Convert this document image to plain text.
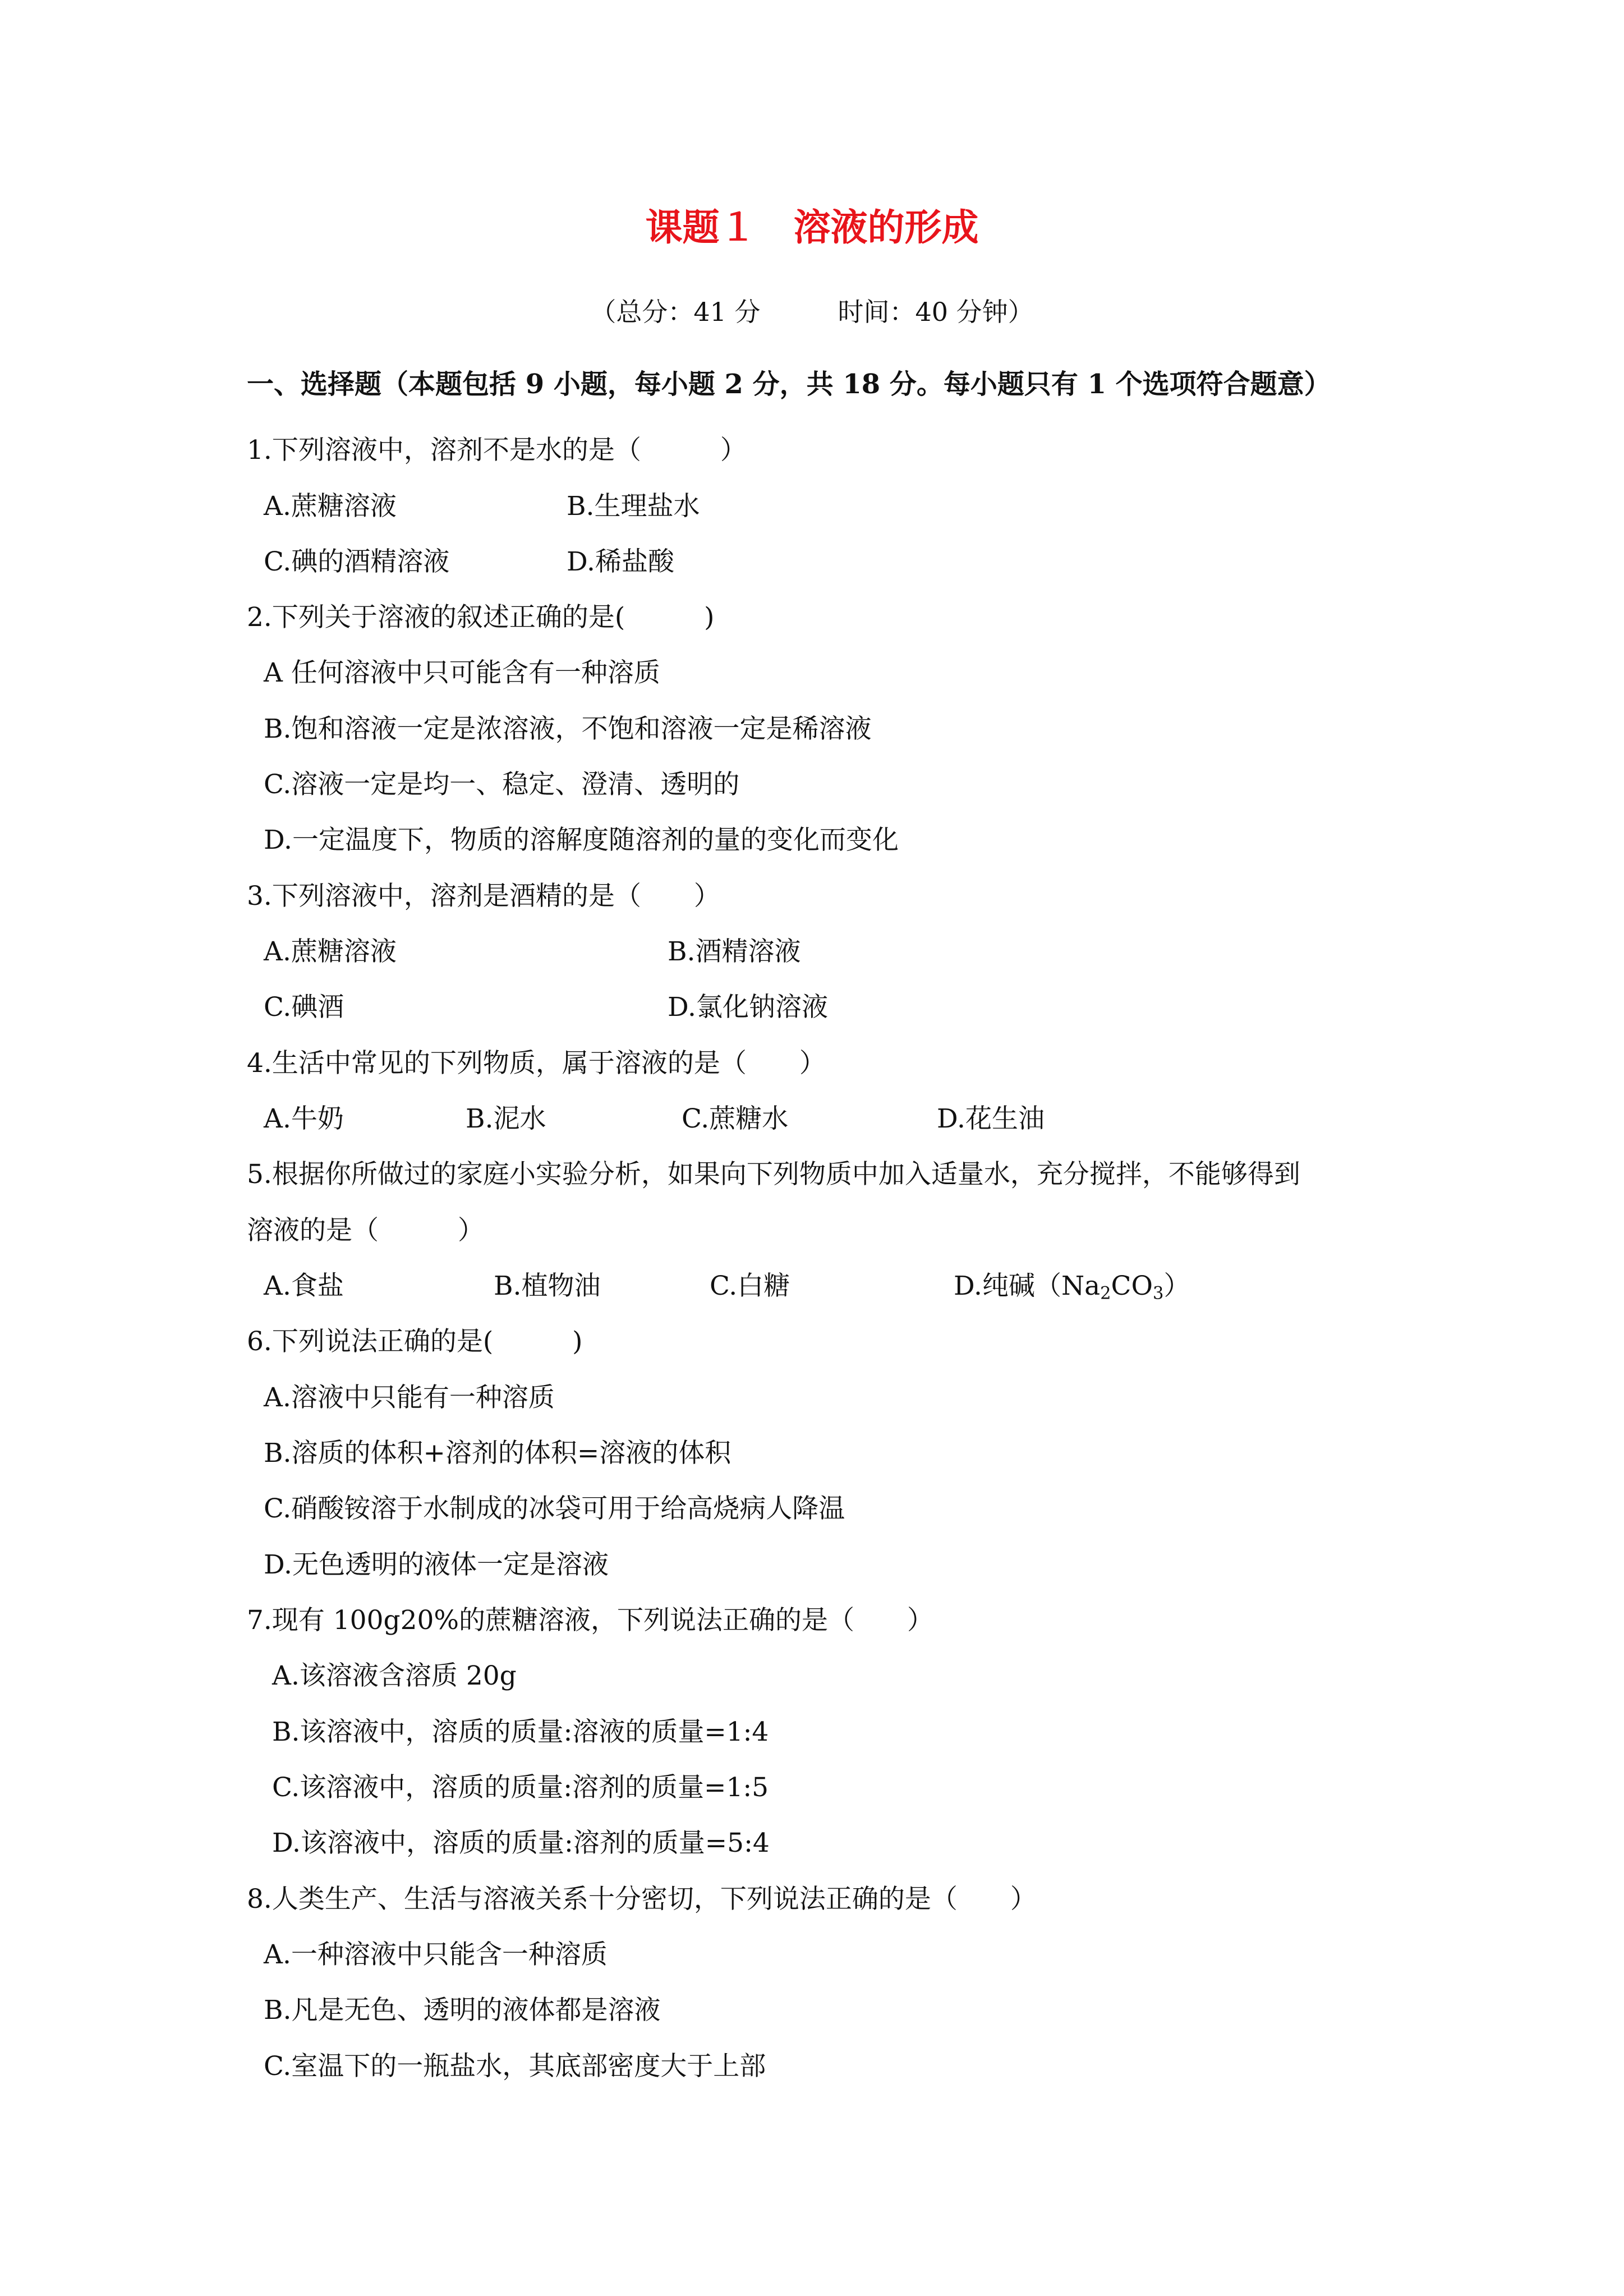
课题１　溶液的形成
（总分：41 分　　　时间：40 分钟）
一、选择题（本题包括 9 小题，每小题 2 分，共 18 分。每小题只有 1 个选项符合题意）
1.下列溶液中，溶剂不是水的是（　　　）
A.蔗糖溶液	B.生理盐水
C.碘的酒精溶液	D.稀盐酸
2.下列关于溶液的叙述正确的是(　　　)
A 任何溶液中只可能含有一种溶质
B.饱和溶液一定是浓溶液，不饱和溶液一定是稀溶液
C.溶液一定是均一、稳定、澄清、透明的
D.一定温度下，物质的溶解度随溶剂的量的变化而变化
3.下列溶液中，溶剂是酒精的是（　　）
A.蔗糖溶液	B.酒精溶液
C.碘酒	D.氯化钠溶液
4.生活中常见的下列物质，属于溶液的是（　　）
A.牛奶	B.泥水	C.蔗糖水	D.花生油
5.根据你所做过的家庭小实验分析，如果向下列物质中加入适量水，充分搅拌，不能够得到
溶液的是（　　　）
A.食盐	B.植物油	C.白糖	D.纯碱$(Na_2CO_3)$
6.下列说法正确的是(　　　)
A.溶液中只能有一种溶质
B.溶质的体积+溶剂的体积=溶液的体积
C.硝酸铵溶于水制成的冰袋可用于给高烧病人降温
D.无色透明的液体一定是溶液
7.现有 100g20%的蔗糖溶液，下列说法正确的是（　　）
A.该溶液含溶质 20g
B.该溶液中，溶质的质量:溶液的质量=1:4
C.该溶液中，溶质的质量:溶剂的质量=1:5
D.该溶液中，溶质的质量:溶剂的质量=5:4
8.人类生产、生活与溶液关系十分密切，下列说法正确的是（　　）
A.一种溶液中只能含一种溶质
B.凡是无色、透明的液体都是溶液
C.室温下的一瓶盐水，其底部密度大于上部
